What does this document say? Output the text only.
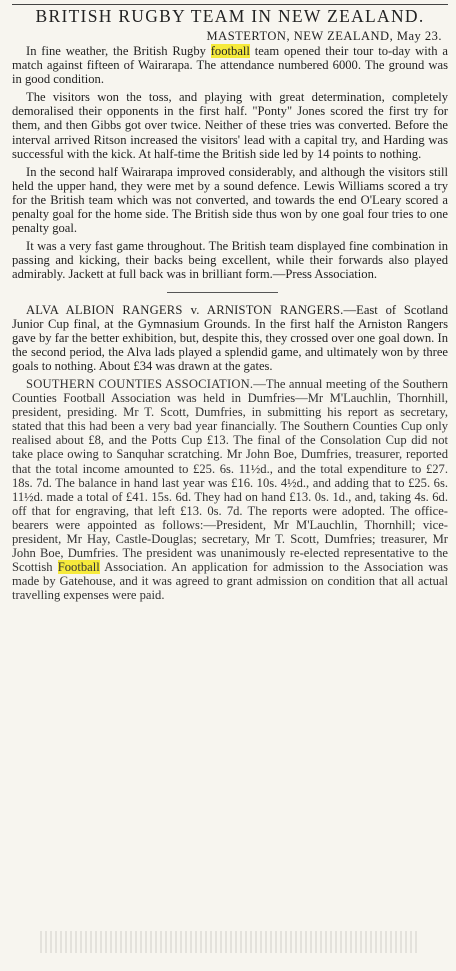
BRITISH RUGBY TEAM IN NEW ZEALAND.
MASTERTON, NEW ZEALAND, May 23.

In fine weather, the British Rugby football team opened their tour to-day with a match against fifteen of Wairarapa. The attendance numbered 6000. The ground was in good condition.

The visitors won the toss, and playing with great determination, completely demoralised their opponents in the first half. "Ponty" Jones scored the first try for them, and then Gibbs got over twice. Neither of these tries was converted. Before the interval arrived Ritson increased the visitors' lead with a capital try, and Harding was successful with the kick. At half-time the British side led by 14 points to nothing.

In the second half Wairarapa improved considerably, and although the visitors still held the upper hand, they were met by a sound defence. Lewis Williams scored a try for the British team which was not converted, and towards the end O'Leary scored a penalty goal for the home side. The British side thus won by one goal four tries to one penalty goal.

It was a very fast game throughout. The British team displayed fine combination in passing and kicking, their backs being excellent, while their forwards also played admirably. Jackett at full back was in brilliant form.—Press Association.

ALVA ALBION RANGERS v. ARNISTON RANGERS.—East of Scotland Junior Cup final, at the Gymnasium Grounds. In the first half the Arniston Rangers gave by far the better exhibition, but, despite this, they crossed over one goal down. In the second period, the Alva lads played a splendid game, and ultimately won by three goals to nothing. About £34 was drawn at the gates.

SOUTHERN COUNTIES ASSOCIATION.—The annual meeting of the Southern Counties Football Association was held in Dumfries—Mr M'Lauchlin, Thornhill, president, presiding. Mr T. Scott, Dumfries, in submitting his report as secretary, stated that this had been a very bad year financially. The Southern Counties Cup only realised about £8, and the Potts Cup £13. The final of the Consolation Cup did not take place owing to Sanquhar scratching. Mr John Boe, Dumfries, treasurer, reported that the total income amounted to £25. 6s. 11½d., and the total expenditure to £27. 18s. 7d. The balance in hand last year was £16. 10s. 4½d., and adding that to £25. 6s. 11½d. made a total of £41. 15s. 6d. They had on hand £13. 0s. 1d., and, taking 4s. 6d. off that for engraving, that left £13. 0s. 7d. The reports were adopted. The office-bearers were appointed as follows:—President, Mr M'Lauchlin, Thornhill; vice-president, Mr Hay, Castle-Douglas; secretary, Mr T. Scott, Dumfries; treasurer, Mr John Boe, Dumfries. The president was unanimously re-elected representative to the Scottish Football Association. An application for admission to the Association was made by Gatehouse, and it was agreed to grant admission on condition that all actual travelling expenses were paid.
